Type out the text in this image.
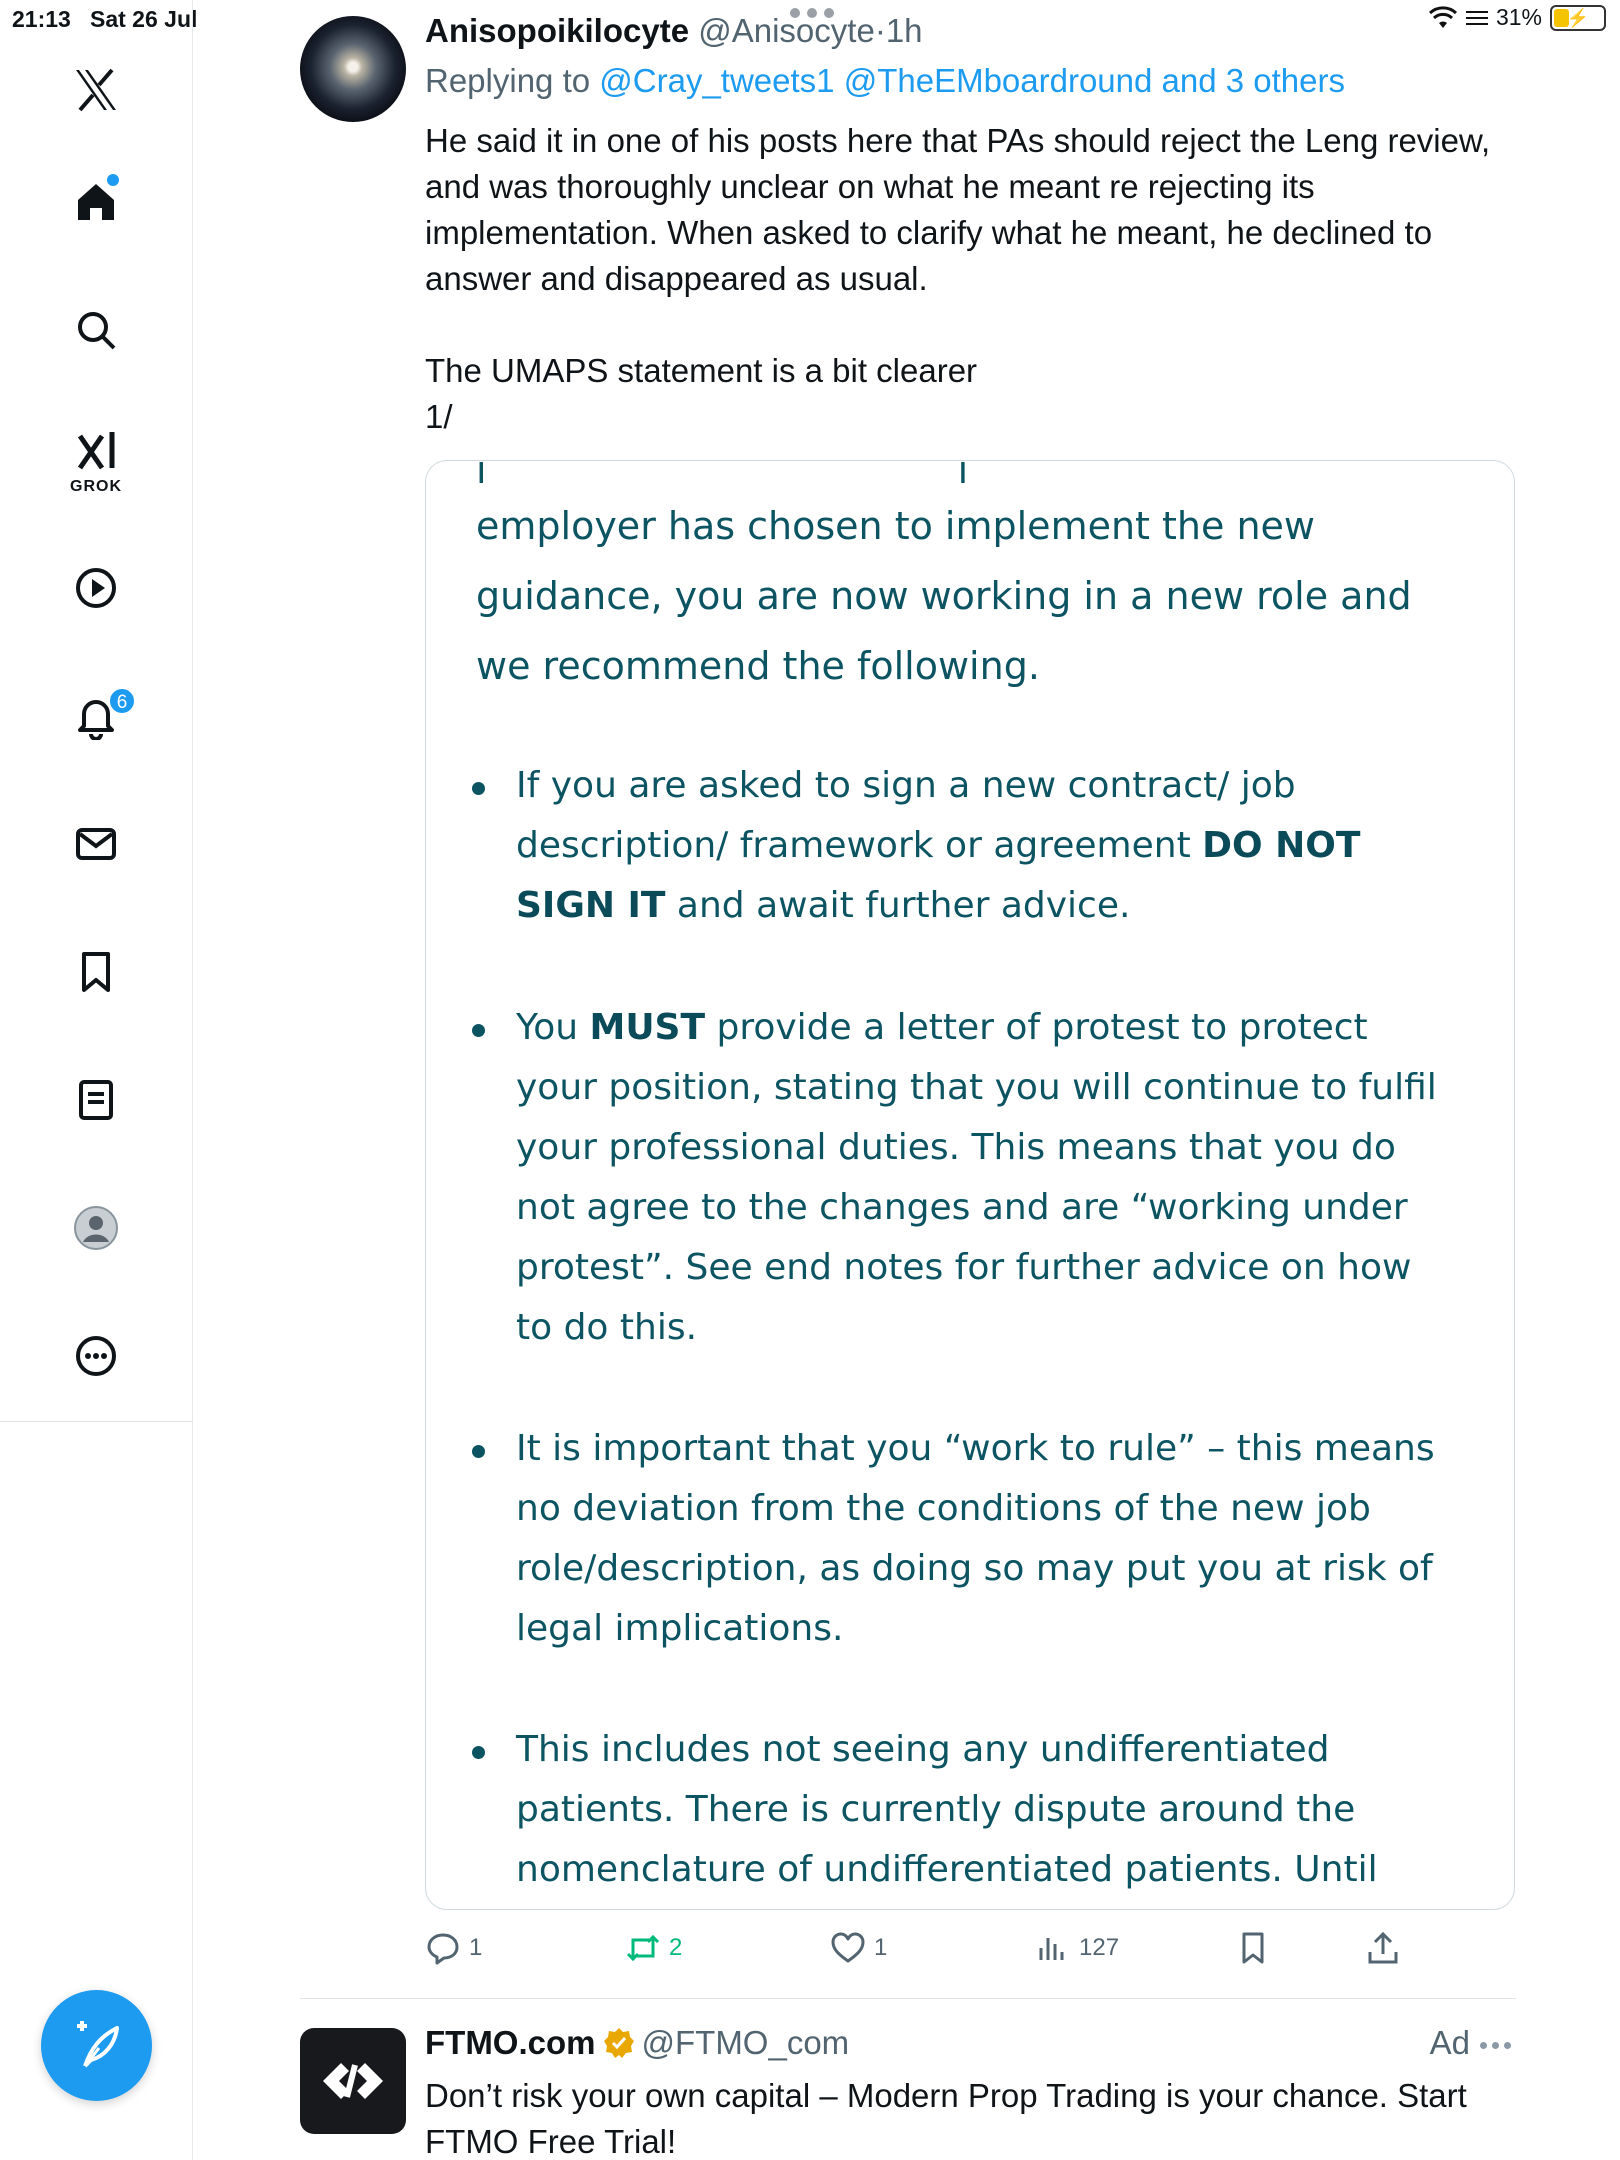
21:13 Sat 26 Jul	31%	⚡
GROK
6
Anisopoikilocyte @Anisocyte·1h
Replying to @Cray_tweets1 @TheEMboardround and 3 others
He said it in one of his posts here that PAs should reject the Leng review, and was thoroughly unclear on what he meant re rejecting its implementation. When asked to clarify what he meant, he declined to answer and disappeared as usual.

The UMAPS statement is a bit clearer
1/
ı                                       ı
employer has chosen to implement the new guidance, you are now working in a new role and we recommend the following.
If you are asked to sign a new contract/ job description/ framework or agreement DO NOT SIGN IT and await further advice.
You MUST provide a letter of protest to protect your position, stating that you will continue to fulfil your professional duties. This means that you do not agree to the changes and are “working under protest”. See end notes for further advice on how to do this.
It is important that you “work to rule” – this means no deviation from the conditions of the new job role/description, as doing so may put you at risk of legal implications.
This includes not seeing any undifferentiated patients. There is currently dispute around the nomenclature of undifferentiated patients. Until
1	2	1	127
FTMO.com @FTMO_com	Ad
Don’t risk your own capital – Modern Prop Trading is your chance. Start FTMO Free Trial!
